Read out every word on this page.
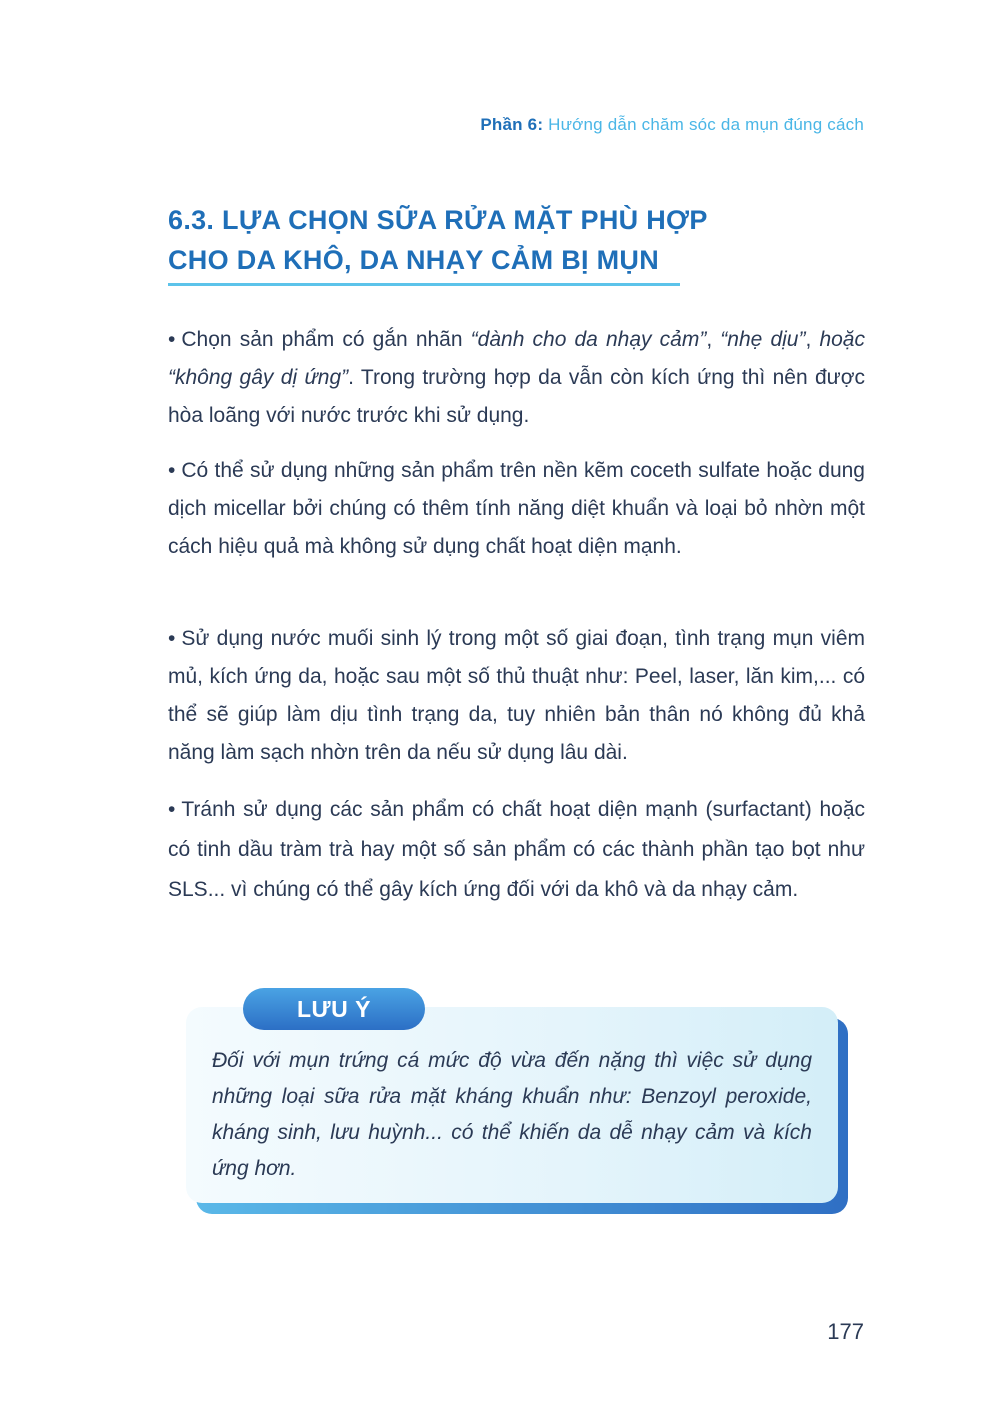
Phần 6: Hướng dẫn chăm sóc da mụn đúng cách
6.3. LỰA CHỌN SỮA RỬA MẶT PHÙ HỢP CHO DA KHÔ, DA NHẠY CẢM BỊ MỤN

• Chọn sản phẩm có gắn nhãn “dành cho da nhạy cảm”, “nhẹ dịu”, hoặc “không gây dị ứng”. Trong trường hợp da vẫn còn kích ứng thì nên được hòa loãng với nước trước khi sử dụng.

• Có thể sử dụng những sản phẩm trên nền kẽm coceth sulfate hoặc dung dịch micellar bởi chúng có thêm tính năng diệt khuẩn và loại bỏ nhờn một cách hiệu quả mà không sử dụng chất hoạt diện mạnh.

• Sử dụng nước muối sinh lý trong một số giai đoạn, tình trạng mụn viêm mủ, kích ứng da, hoặc sau một số thủ thuật như: Peel, laser, lăn kim,... có thể sẽ giúp làm dịu tình trạng da, tuy nhiên bản thân nó không đủ khả năng làm sạch nhờn trên da nếu sử dụng lâu dài.

• Tránh sử dụng các sản phẩm có chất hoạt diện mạnh (surfactant) hoặc có tinh dầu tràm trà hay một số sản phẩm có các thành phần tạo bọt như SLS... vì chúng có thể gây kích ứng đối với da khô và da nhạy cảm.

LƯU Ý

Đối với mụn trứng cá mức độ vừa đến nặng thì việc sử dụng những loại sữa rửa mặt kháng khuẩn như: Benzoyl peroxide, kháng sinh, lưu huỳnh... có thể khiến da dễ nhạy cảm và kích ứng hơn.

177
